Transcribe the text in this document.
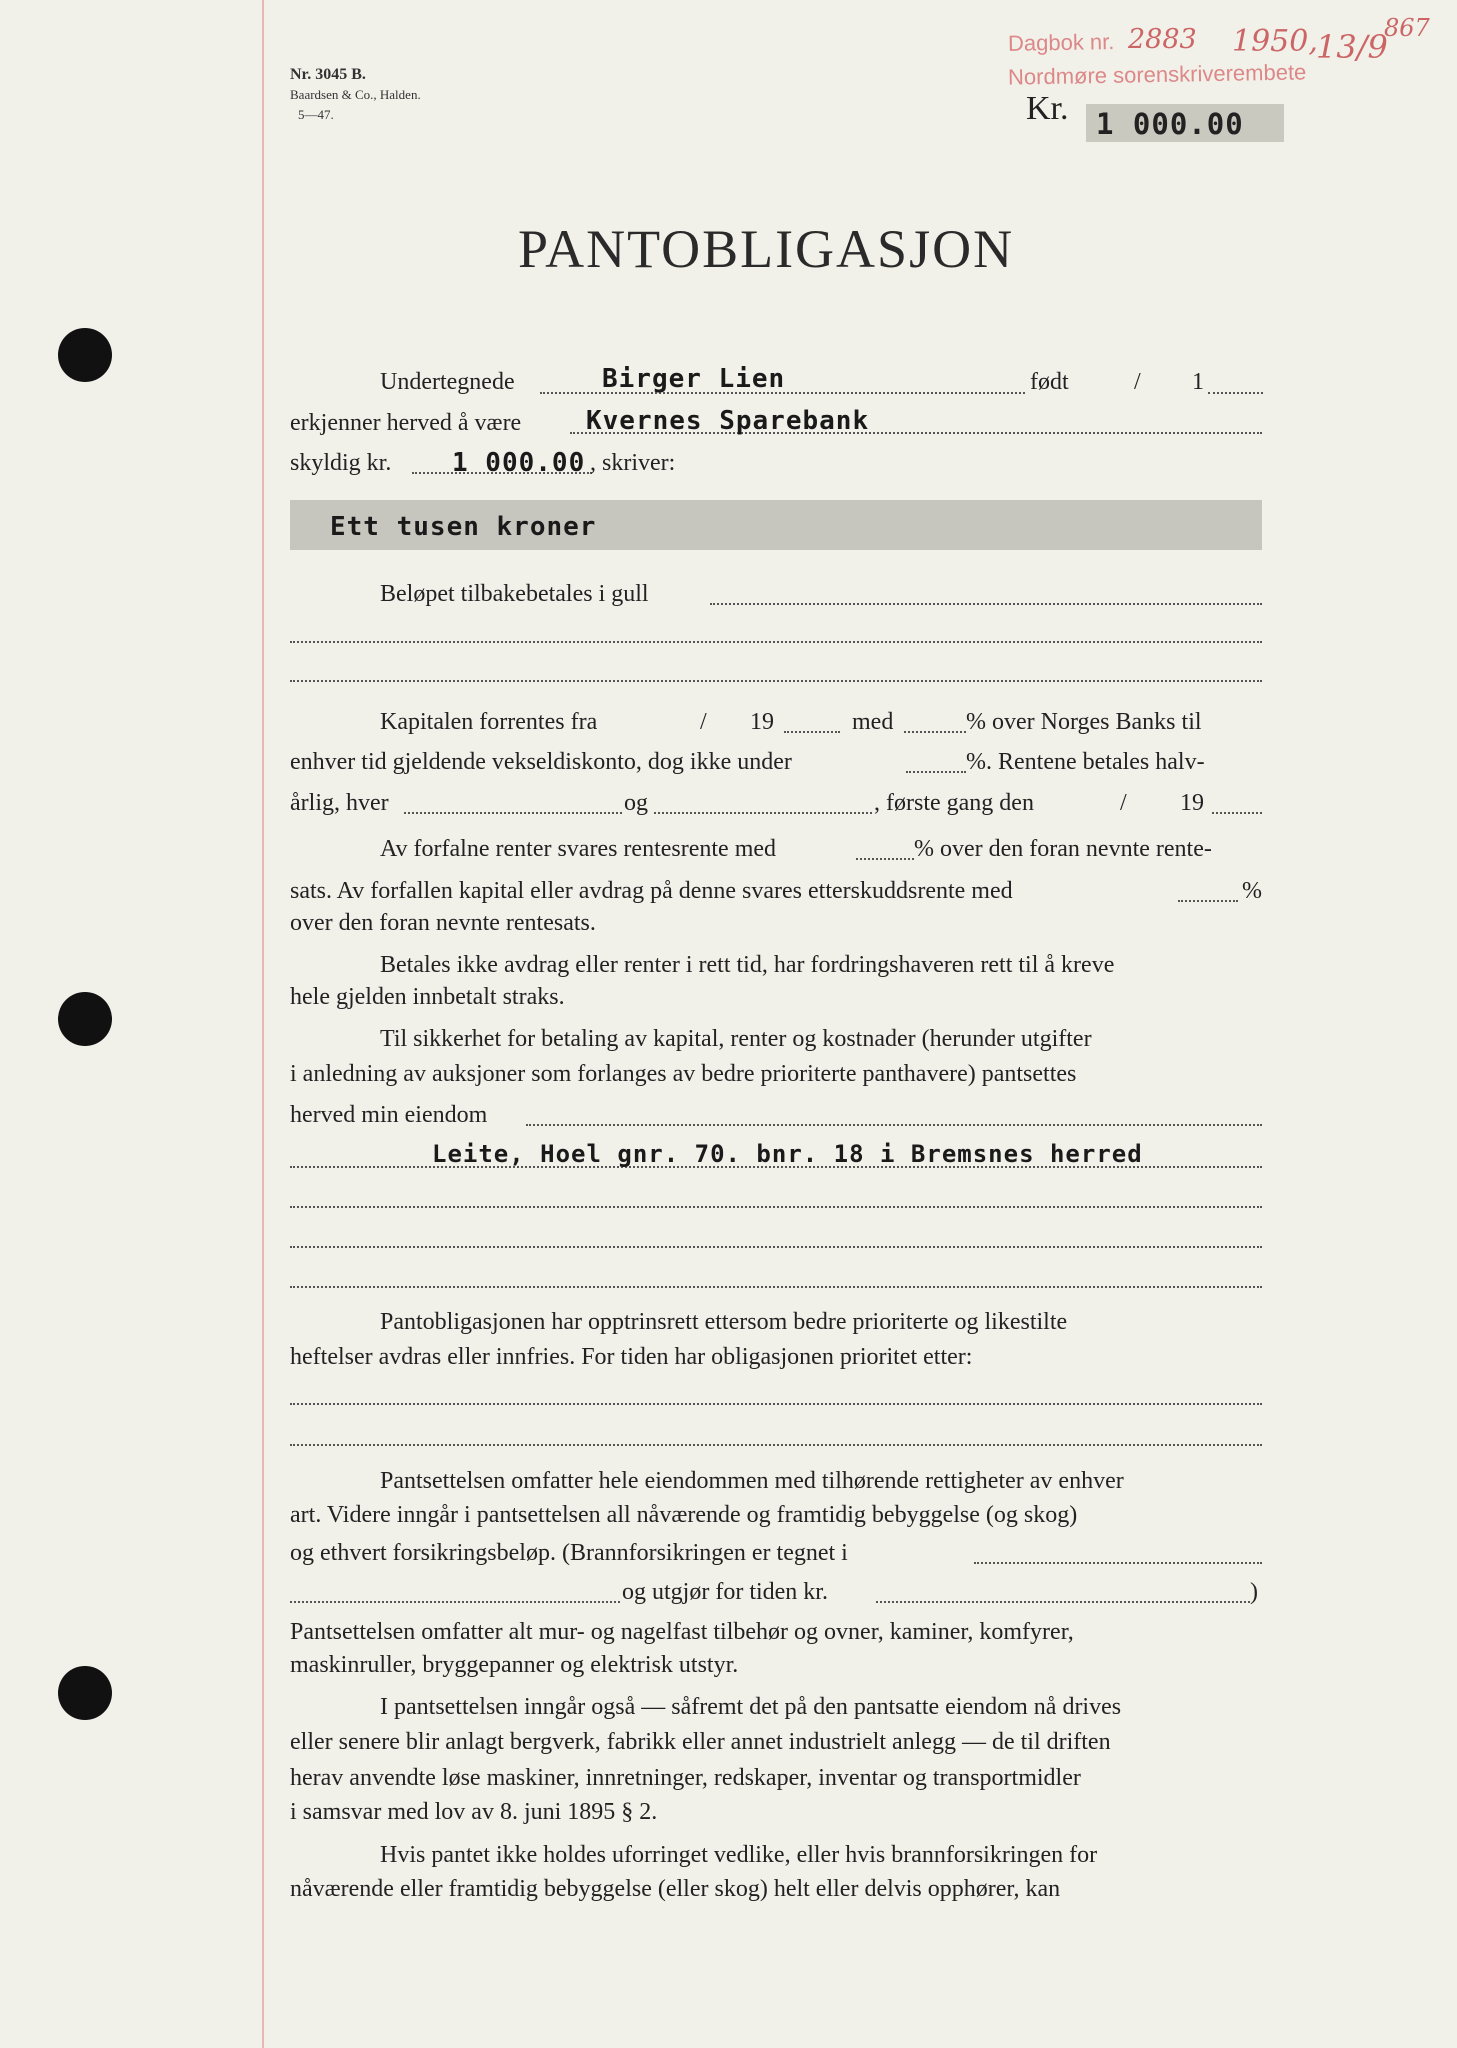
Nr. 3045 B.
Baardsen & Co., Halden.
5—47.
Dagbok nr. 2883 1950,
13/9
867
Nordmøre sorenskriverembete
Kr. 1 000.00
PANTOBLIGASJON
Undertegnede	Birger Lien	født	/ 1
erkjenner herved å være Kvernes Sparebank
skyldig kr. 1 000.00 , skriver:
Ett tusen kroner
Beløpet tilbakebetales i gull
Kapitalen forrentes fra	/ 19	med	% over Norges Banks til
enhver tid gjeldende vekseldiskonto, dog ikke under	%. Rentene betales halv-
årlig, hver	og	, første gang den	/ 19
Av forfalne renter svares rentesrente med	% over den foran nevnte rente-
sats. Av forfallen kapital eller avdrag på denne svares etterskuddsrente med	%
over den foran nevnte rentesats.
Betales ikke avdrag eller renter i rett tid, har fordringshaveren rett til å kreve
hele gjelden innbetalt straks.
Til sikkerhet for betaling av kapital, renter og kostnader (herunder utgifter
i anledning av auksjoner som forlanges av bedre prioriterte panthavere) pantsettes
herved min eiendom
Leite, Hoel gnr. 70. bnr. 18 i Bremsnes herred
Pantobligasjonen har opptrinsrett ettersom bedre prioriterte og likestilte
heftelser avdras eller innfries. For tiden har obligasjonen prioritet etter:
Pantsettelsen omfatter hele eiendommen med tilhørende rettigheter av enhver
art. Videre inngår i pantsettelsen all nåværende og framtidig bebyggelse (og skog)
og ethvert forsikringsbeløp. (Brannforsikringen er tegnet i
og utgjør for tiden kr.	)
Pantsettelsen omfatter alt mur- og nagelfast tilbehør og ovner, kaminer, komfyrer,
maskinruller, bryggepanner og elektrisk utstyr.
I pantsettelsen inngår også — såfremt det på den pantsatte eiendom nå drives
eller senere blir anlagt bergverk, fabrikk eller annet industrielt anlegg — de til driften
herav anvendte løse maskiner, innretninger, redskaper, inventar og transportmidler
i samsvar med lov av 8. juni 1895 § 2.
Hvis pantet ikke holdes uforringet vedlike, eller hvis brannforsikringen for
nåværende eller framtidig bebyggelse (eller skog) helt eller delvis opphører, kan
